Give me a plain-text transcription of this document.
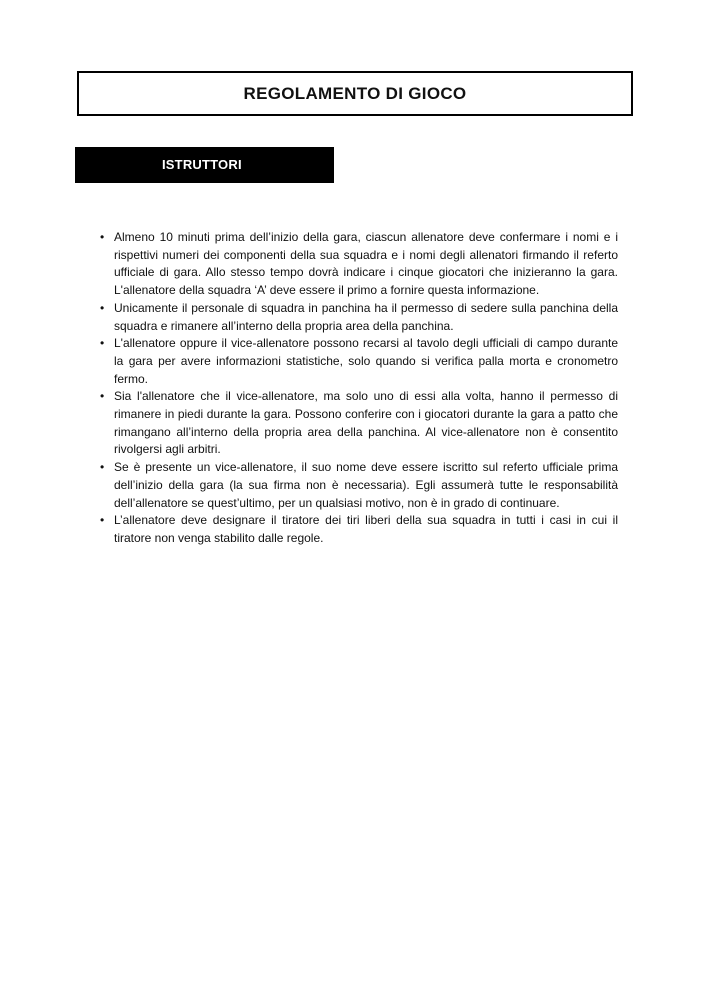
REGOLAMENTO DI GIOCO
ISTRUTTORI
• Almeno 10 minuti prima dell’inizio della gara, ciascun allenatore deve confermare i nomi e i rispettivi numeri dei componenti della sua squadra e i nomi degli allenatori firmando il referto ufficiale di gara. Allo stesso tempo dovrà indicare i cinque giocatori che inizieranno la gara. L'allenatore della squadra ‘A’ deve essere il primo a fornire questa informazione.
• Unicamente il personale di squadra in panchina ha il permesso di sedere sulla panchina della squadra e rimanere all’interno della propria area della panchina.
• L'allenatore oppure il vice-allenatore possono recarsi al tavolo degli ufficiali di campo durante la gara per avere informazioni statistiche, solo quando si verifica palla morta e cronometro fermo.
• Sia l'allenatore che il vice-allenatore, ma solo uno di essi alla volta, hanno il permesso di rimanere in piedi durante la gara. Possono conferire con i giocatori durante la gara a patto che rimangano all’interno della propria area della panchina. Al vice-allenatore non è consentito rivolgersi agli arbitri.
• Se è presente un vice-allenatore, il suo nome deve essere iscritto sul referto ufficiale prima dell’inizio della gara (la sua firma non è necessaria). Egli assumerà tutte le responsabilità dell’allenatore se quest’ultimo, per un qualsiasi motivo, non è in grado di continuare.
• L’allenatore deve designare il tiratore dei tiri liberi della sua squadra in tutti i casi in cui il tiratore non venga stabilito dalle regole.
